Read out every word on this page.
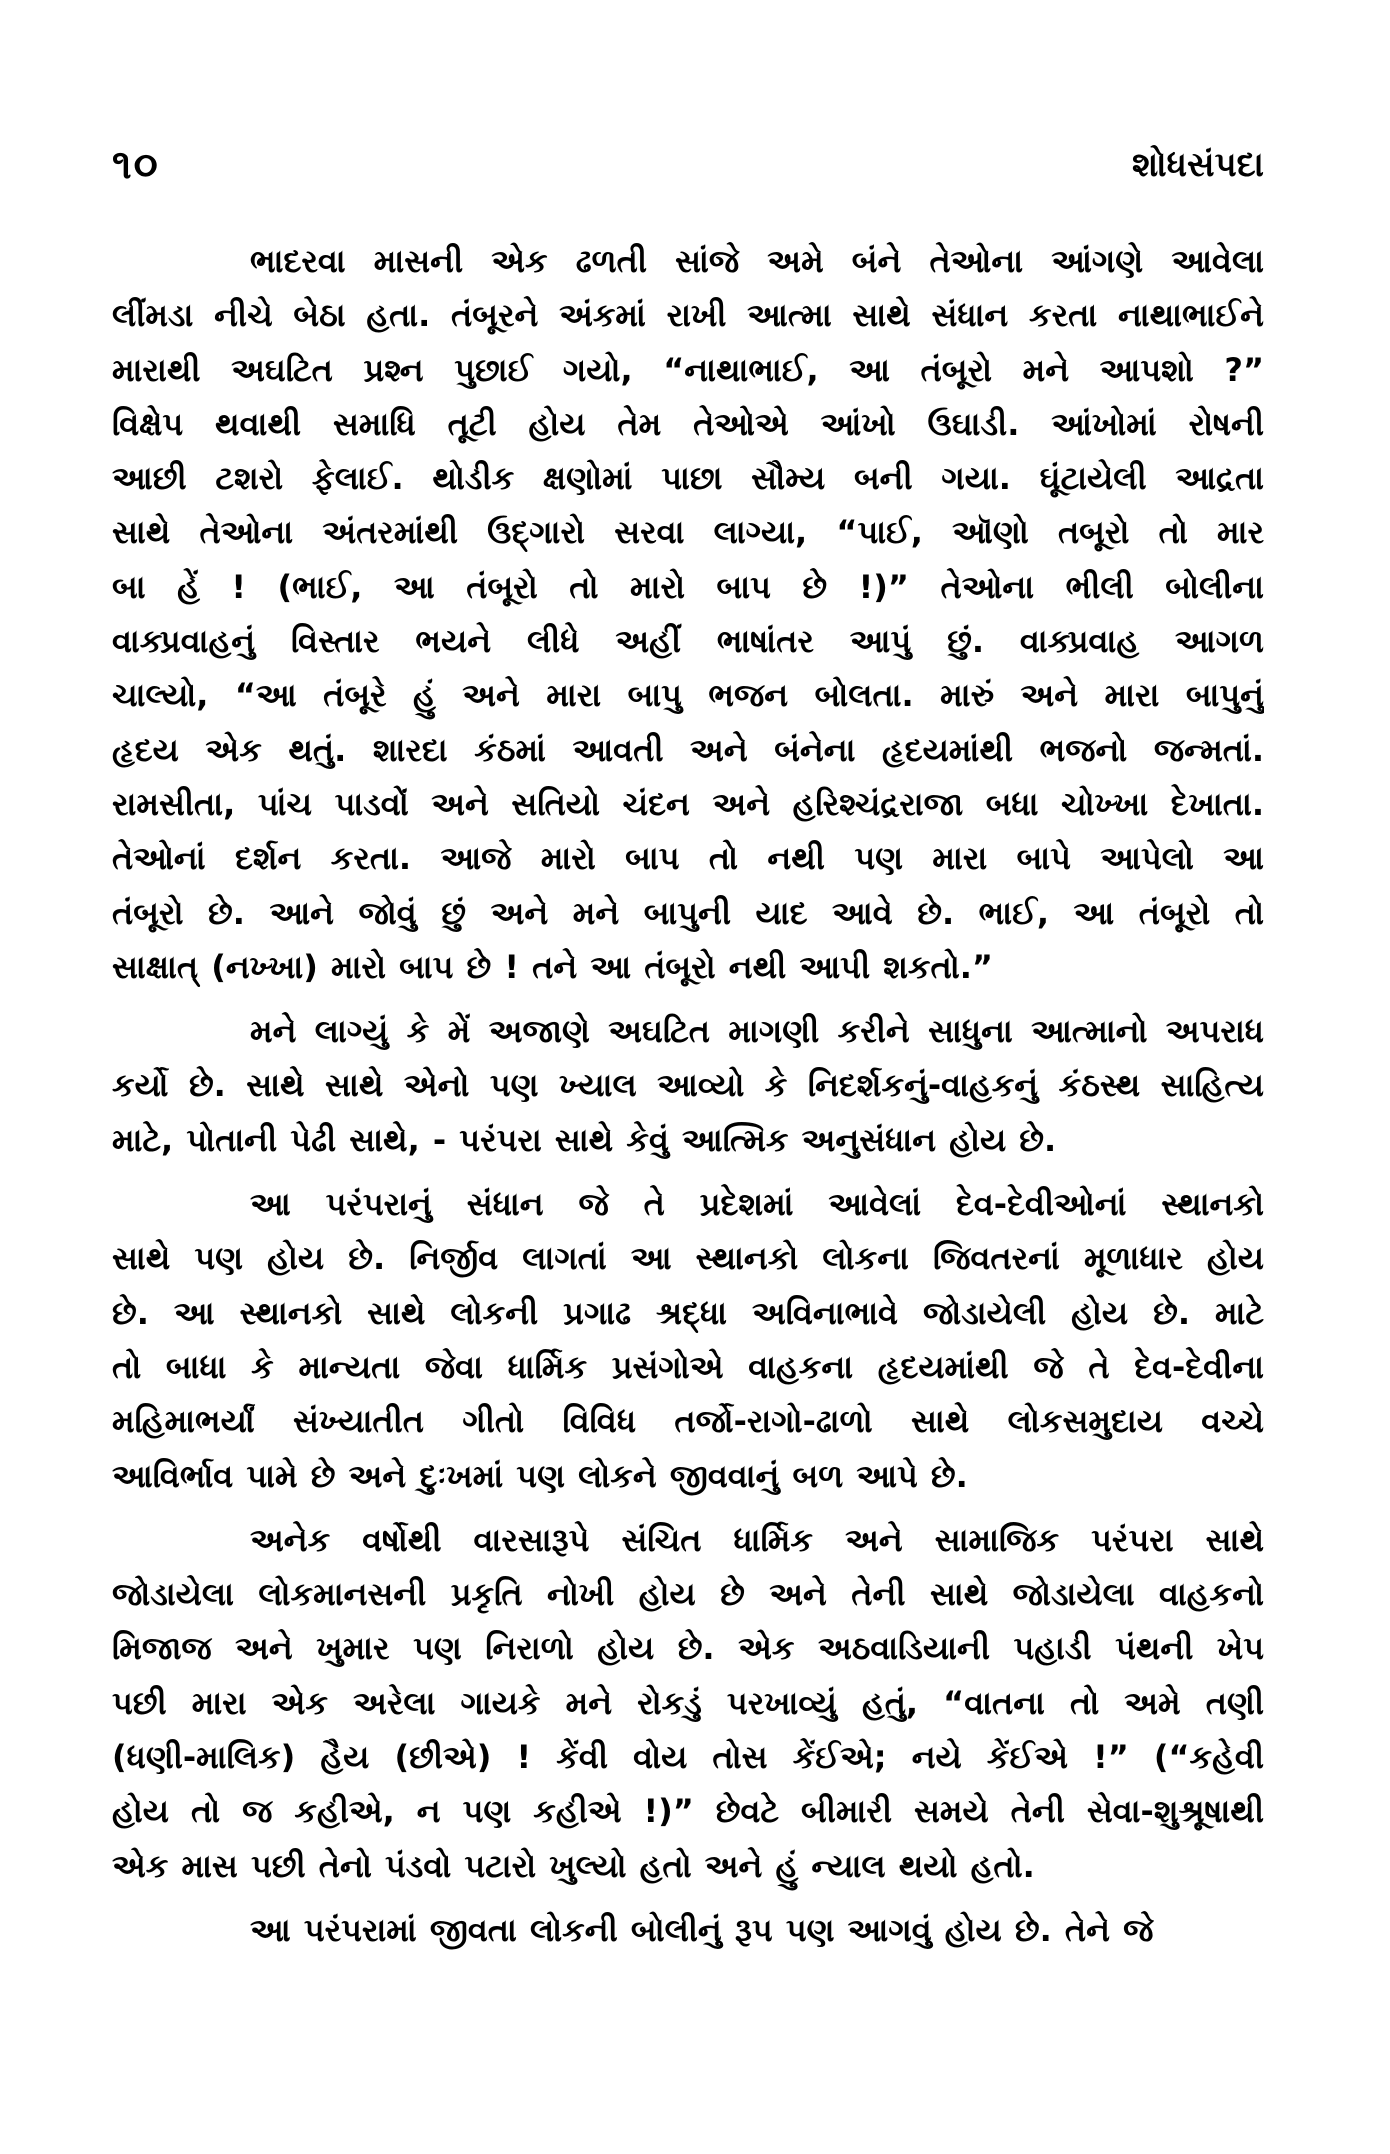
૧૦	શોધસંપદા
ભાદરવા માસની એક ઢળતી સાંજે અમે બંને તેઓના આંગણે આવેલા
લીંમડા નીચે બેઠા હતા. તંબૂરને અંકમાં રાખી આત્મા સાથે સંધાન કરતા નાથાભાઈને
મારાથી અઘટિત પ્રશ્ન પુછાઈ ગયો, “નાથાભાઈ, આ તંબૂરો મને આપશો ?”
વિક્ષેપ થવાથી સમાધિ તૂટી હોય તેમ તેઓએ આંખો ઉઘાડી. આંખોમાં રોષની
આછી ટશરો ફેલાઈ. થોડીક ક્ષણોમાં પાછા સૌમ્ય બની ગયા. ઘૂંટાયેલી આદ્રતા
સાથે તેઓના અંતરમાંથી ઉદ્‌ગારો સરવા લાગ્યા, “પાઈ, ઑણો તબૂરો તો માર
બા હેં ! (ભાઈ, આ તંબૂરો તો મારો બાપ છે !)” તેઓના ભીલી બોલીના
વાક્પ્રવાહનું વિસ્તાર ભયને લીધે અહીં ભાષાંતર આપું છું. વાક્પ્રવાહ આગળ
ચાલ્યો, “આ તંબૂરે હું અને મારા બાપુ ભજન બોલતા. મારું અને મારા બાપુનું
હૃદય એક થતું. શારદા કંઠમાં આવતી અને બંનેના હૃદયમાંથી ભજનો જન્મતાં.
રામસીતા, પાંચ પાડવોં અને સતિયો ચંદન અને હરિશ્ચંદ્રરાજા બધા ચોખ્ખા દેખાતા.
તેઓનાં દર્શન કરતા. આજે મારો બાપ તો નથી પણ મારા બાપે આપેલો આ
તંબૂરો છે. આને જોવું છું અને મને બાપુની યાદ આવે છે. ભાઈ, આ તંબૂરો તો
સાક્ષાત્ (નખ્ખા) મારો બાપ છે ! તને આ તંબૂરો નથી આપી શકતો.”
મને લાગ્યું કે મેં અજાણે અઘટિત માગણી કરીને સાધુના આત્માનો અપરાધ
કર્યો છે. સાથે સાથે એનો પણ ખ્યાલ આવ્યો કે નિદર્શકનું-વાહકનું કંઠસ્થ સાહિત્ય
માટે, પોતાની પેઢી સાથે, - પરંપરા સાથે કેવું આત્મિક અનુસંધાન હોય છે.
આ પરંપરાનું સંધાન જે તે પ્રદેશમાં આવેલાં દેવ-દેવીઓનાં સ્થાનકો
સાથે પણ હોય છે. નિર્જીવ લાગતાં આ સ્થાનકો લોકના જિવતરનાં મૂળાધાર હોય
છે. આ સ્થાનકો સાથે લોકની પ્રગાઢ શ્રદ્ધા અવિનાભાવે જોડાયેલી હોય છે. માટે
તો બાધા કે માન્યતા જેવા ધાર્મિક પ્રસંગોએ વાહકના હૃદયમાંથી જે તે દેવ-દેવીના
મહિમાભર્યાં સંખ્યાતીત ગીતો વિવિધ તર્જો-રાગો-ઢાળો સાથે લોકસમુદાય વચ્ચે
આવિર્ભાવ પામે છે અને દુઃખમાં પણ લોકને જીવવાનું બળ આપે છે.
અનેક વર્ષોથી વારસારૂપે સંચિત ધાર્મિક અને સામાજિક પરંપરા સાથે
જોડાયેલા લોકમાનસની પ્રકૃતિ નોખી હોય છે અને તેની સાથે જોડાયેલા વાહકનો
મિજાજ અને ખુમાર પણ નિરાળો હોય છે. એક અઠવાડિયાની પહાડી પંથની ખેપ
પછી મારા એક અરેલા ગાયકે મને રોકડું પરખાવ્યું હતું, “વાતના તો અમે તણી
(ધણી-માલિક) હૈય (છીએ) ! કેંવી વોય તોસ કેંઈએ; નયે કેંઈએ !” (“કહેવી
હોય તો જ કહીએ, ન પણ કહીએ !)” છેવટે બીમારી સમયે તેની સેવા-શુશ્રૂષાથી
એક માસ પછી તેનો પંડવો પટારો ખુલ્યો હતો અને હું ન્યાલ થયો હતો.
આ પરંપરામાં જીવતા લોકની બોલીનું રૂપ પણ આગવું હોય છે. તેને જે
